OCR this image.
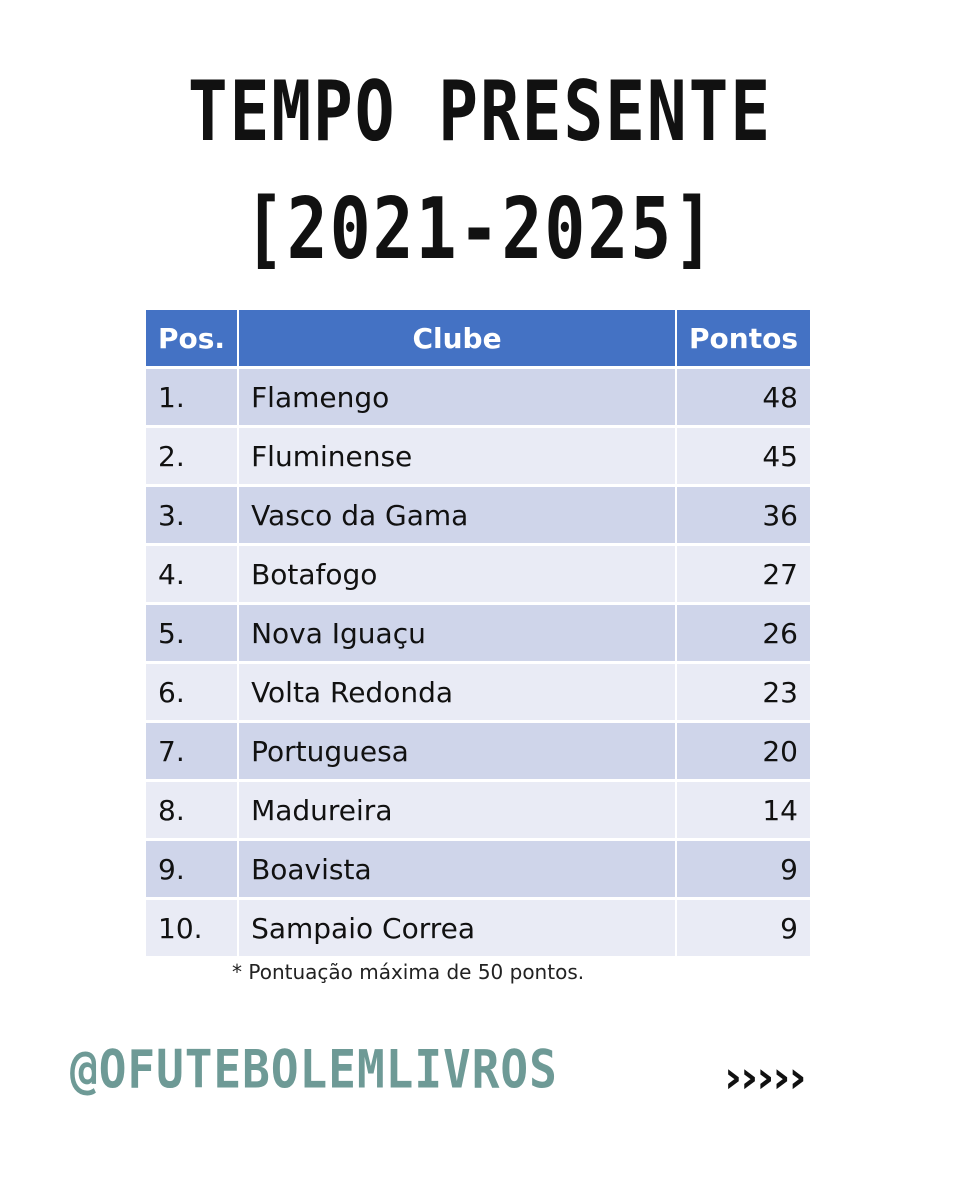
TEMPO PRESENTE
[2021-2025]
Pos.	Clube	Pontos
1.	Flamengo	48
2.	Fluminense	45
3.	Vasco da Gama	36
4.	Botafogo	27
5.	Nova Iguaçu	26
6.	Volta Redonda	23
7.	Portuguesa	20
8.	Madureira	14
9.	Boavista	9
10.	Sampaio Correa	9
* Pontuação máxima de 50 pontos.
@OFUTEBOLEMLIVROS	›››››
